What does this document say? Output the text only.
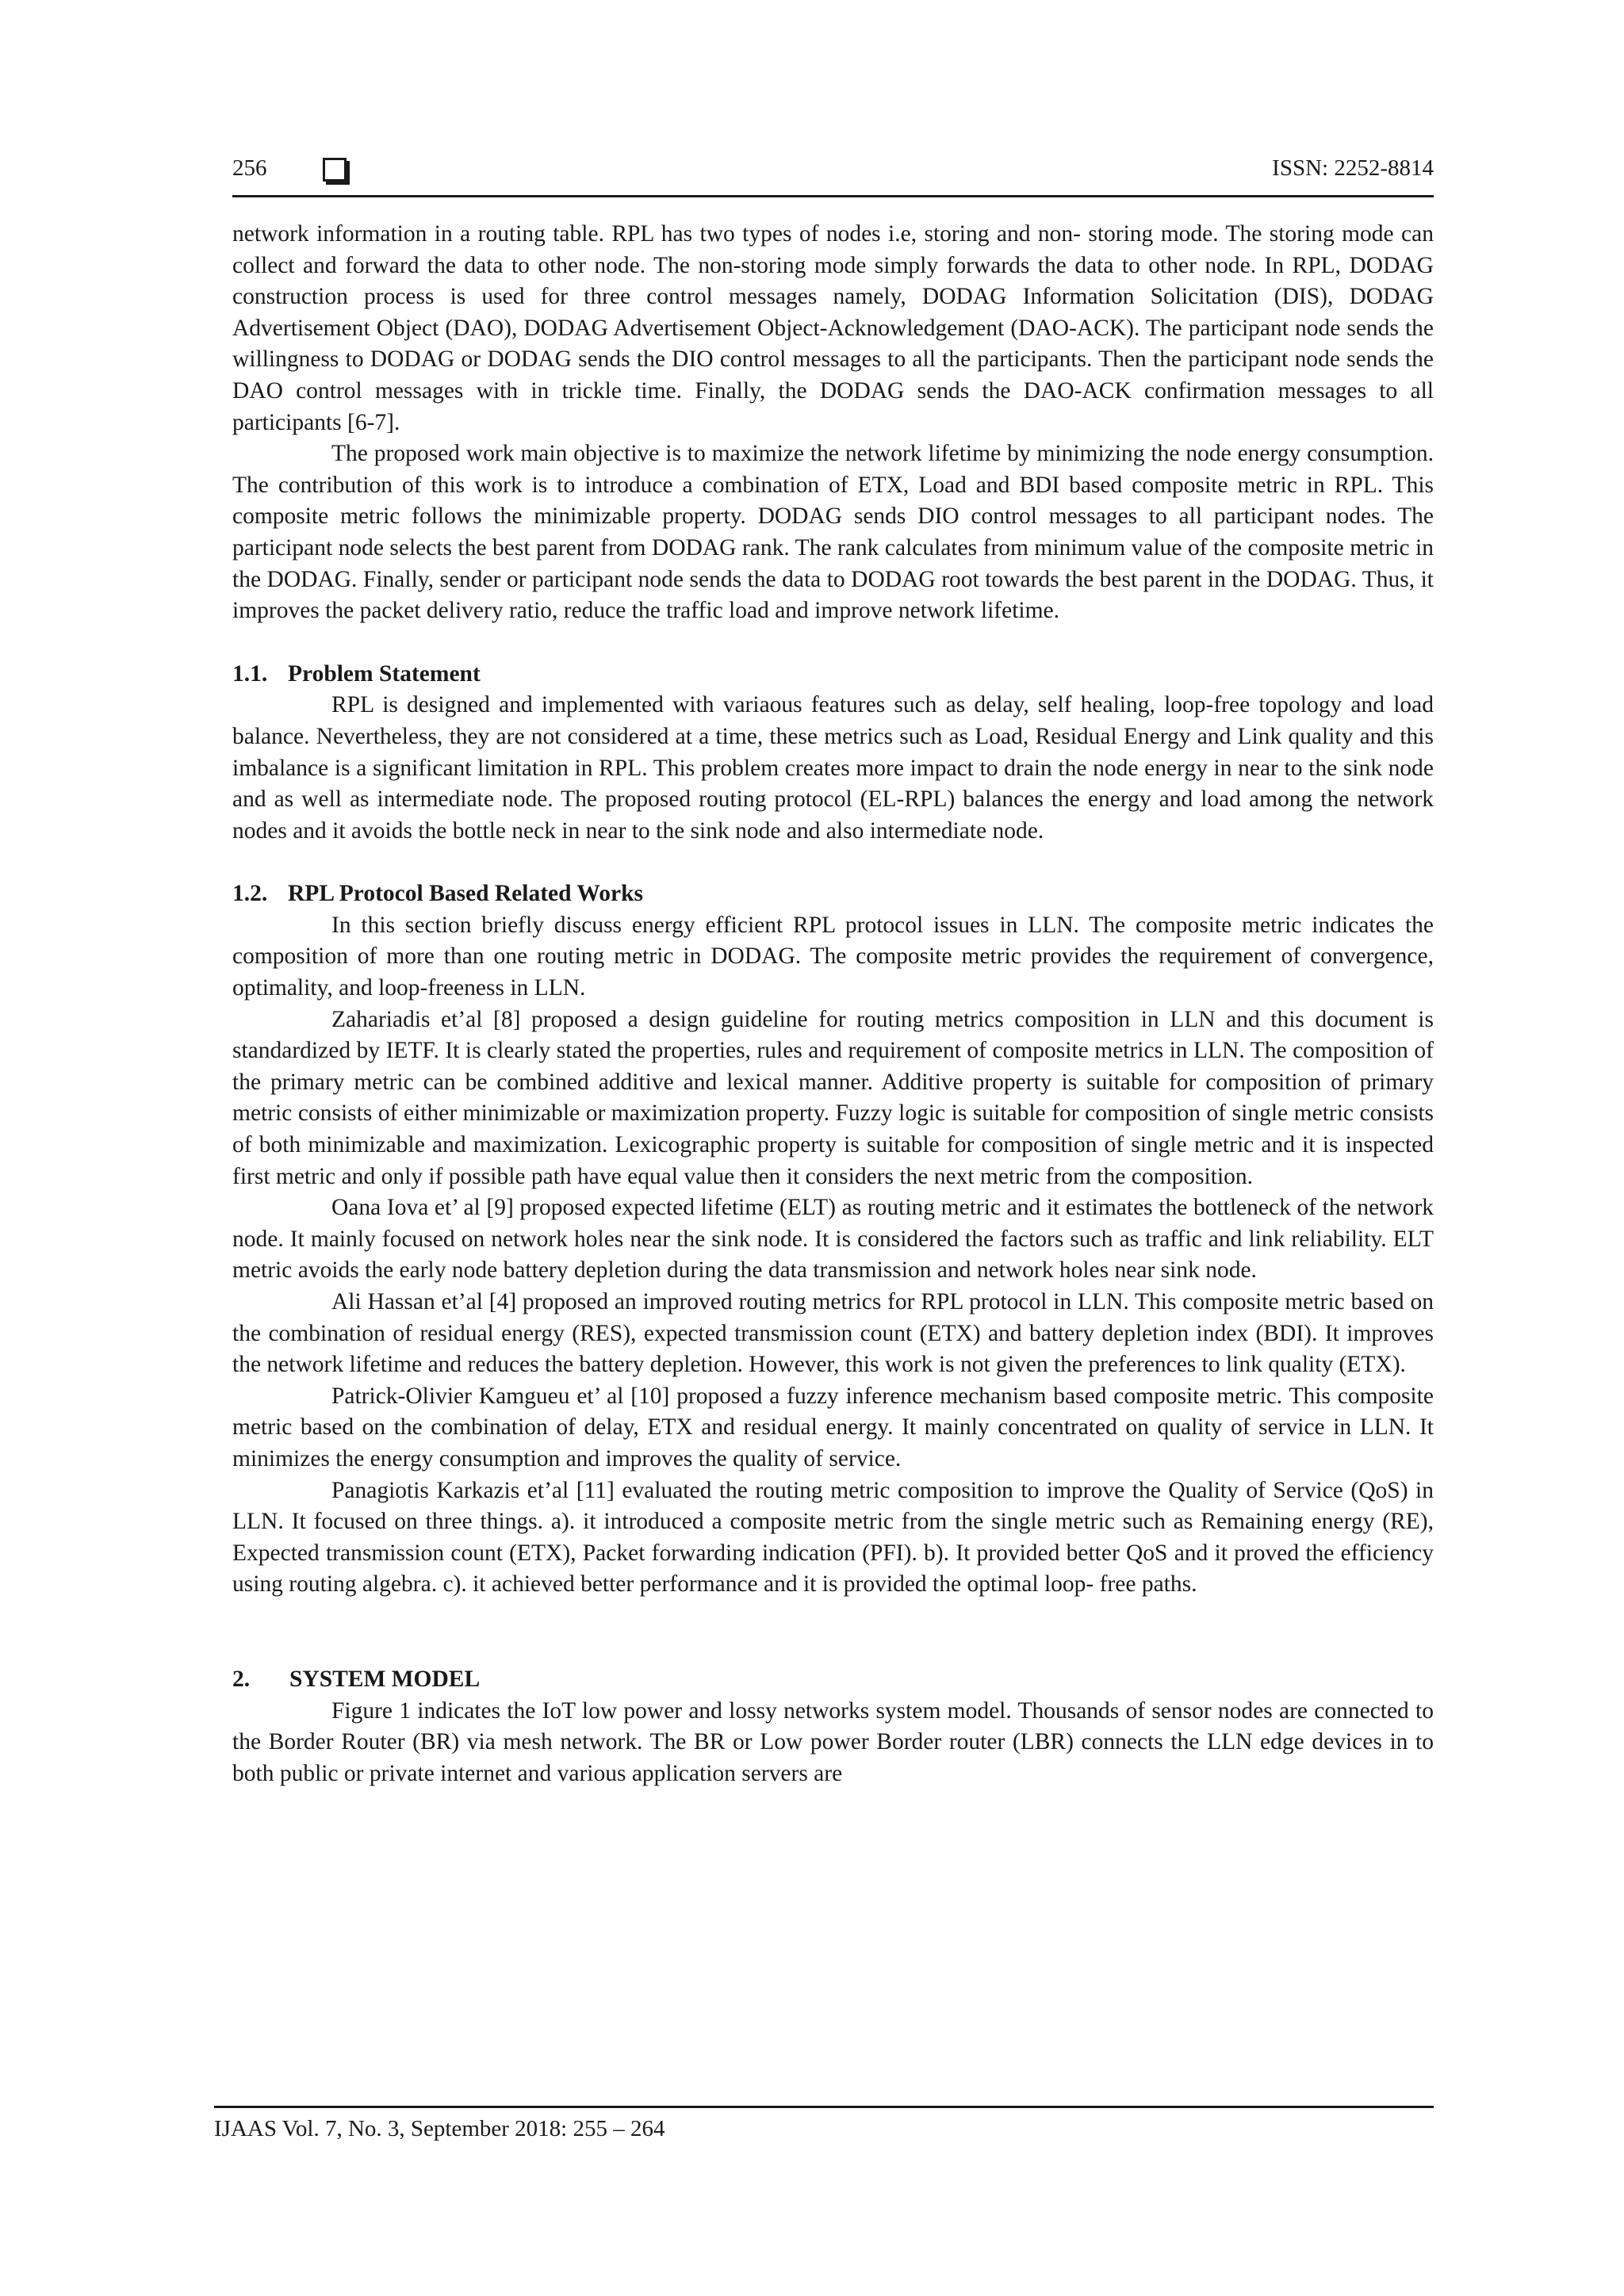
256	ISSN: 2252-8814

network information in a routing table. RPL has two types of nodes i.e, storing and non- storing mode. The storing mode can collect and forward the data to other node. The non-storing mode simply forwards the data to other node. In RPL, DODAG construction process is used for three control messages namely, DODAG Information Solicitation (DIS), DODAG Advertisement Object (DAO), DODAG Advertisement Object-Acknowledgement (DAO-ACK). The participant node sends the willingness to DODAG or DODAG sends the DIO control messages to all the participants. Then the participant node sends the DAO control messages with in trickle time. Finally, the DODAG sends the DAO-ACK confirmation messages to all participants [6-7].

The proposed work main objective is to maximize the network lifetime by minimizing the node energy consumption. The contribution of this work is to introduce a combination of ETX, Load and BDI based composite metric in RPL. This composite metric follows the minimizable property. DODAG sends DIO control messages to all participant nodes. The participant node selects the best parent from DODAG rank. The rank calculates from minimum value of the composite metric in the DODAG. Finally, sender or participant node sends the data to DODAG root towards the best parent in the DODAG. Thus, it improves the packet delivery ratio, reduce the traffic load and improve network lifetime.

1.1. Problem Statement

RPL is designed and implemented with variaous features such as delay, self healing, loop-free topology and load balance. Nevertheless, they are not considered at a time, these metrics such as Load, Residual Energy and Link quality and this imbalance is a significant limitation in RPL. This problem creates more impact to drain the node energy in near to the sink node and as well as intermediate node. The proposed routing protocol (EL-RPL) balances the energy and load among the network nodes and it avoids the bottle neck in near to the sink node and also intermediate node.

1.2. RPL Protocol Based Related Works

In this section briefly discuss energy efficient RPL protocol issues in LLN. The composite metric indicates the composition of more than one routing metric in DODAG. The composite metric provides the requirement of convergence, optimality, and loop-freeness in LLN.

Zahariadis et’al [8] proposed a design guideline for routing metrics composition in LLN and this document is standardized by IETF. It is clearly stated the properties, rules and requirement of composite metrics in LLN. The composition of the primary metric can be combined additive and lexical manner. Additive property is suitable for composition of primary metric consists of either minimizable or maximization property. Fuzzy logic is suitable for composition of single metric consists of both minimizable and maximization. Lexicographic property is suitable for composition of single metric and it is inspected first metric and only if possible path have equal value then it considers the next metric from the composition.

Oana Iova et’ al [9] proposed expected lifetime (ELT) as routing metric and it estimates the bottleneck of the network node. It mainly focused on network holes near the sink node. It is considered the factors such as traffic and link reliability. ELT metric avoids the early node battery depletion during the data transmission and network holes near sink node.

Ali Hassan et’al [4] proposed an improved routing metrics for RPL protocol in LLN. This composite metric based on the combination of residual energy (RES), expected transmission count (ETX) and battery depletion index (BDI). It improves the network lifetime and reduces the battery depletion. However, this work is not given the preferences to link quality (ETX).

Patrick-Olivier Kamgueu et’ al [10] proposed a fuzzy inference mechanism based composite metric. This composite metric based on the combination of delay, ETX and residual energy. It mainly concentrated on quality of service in LLN. It minimizes the energy consumption and improves the quality of service.

Panagiotis Karkazis et’al [11] evaluated the routing metric composition to improve the Quality of Service (QoS) in LLN. It focused on three things. a). it introduced a composite metric from the single metric such as Remaining energy (RE), Expected transmission count (ETX), Packet forwarding indication (PFI). b). It provided better QoS and it proved the efficiency using routing algebra. c). it achieved better performance and it is provided the optimal loop- free paths.

2. SYSTEM MODEL

Figure 1 indicates the IoT low power and lossy networks system model. Thousands of sensor nodes are connected to the Border Router (BR) via mesh network. The BR or Low power Border router (LBR) connects the LLN edge devices in to both public or private internet and various application servers are

IJAAS Vol. 7, No. 3, September 2018: 255 – 264
